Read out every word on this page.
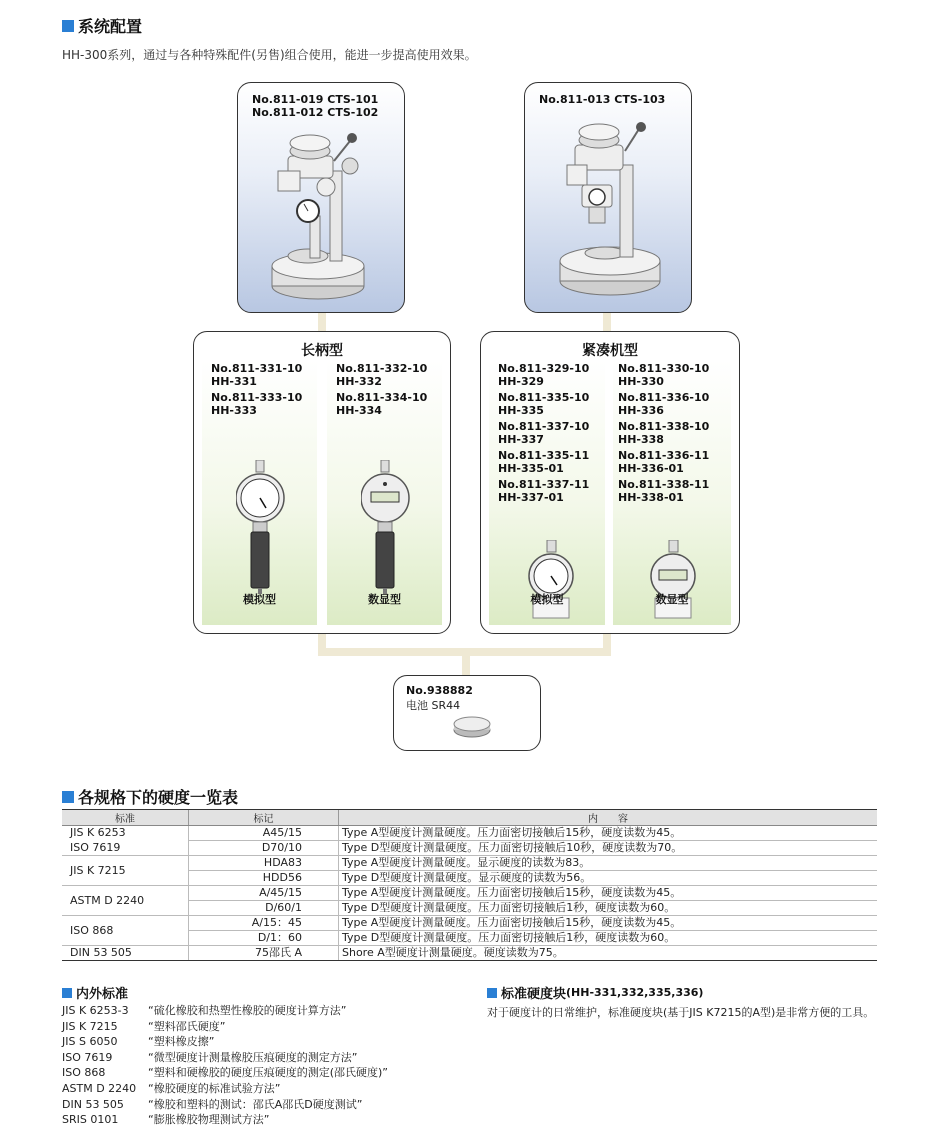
系统配置
HH-300系列，通过与各种特殊配件(另售)组合使用，能进一步提高使用效果。
No.811-019 CTS-101
No.811-012 CTS-102
No.811-013 CTS-103
长柄型
No.811-331-10
HH-331
No.811-333-10
HH-333
模拟型
No.811-332-10
HH-332
No.811-334-10
HH-334
数显型
紧凑机型
No.811-329-10
HH-329
No.811-335-10
HH-335
No.811-337-10
HH-337
No.811-335-11
HH-335-01
No.811-337-11
HH-337-01
模拟型
No.811-330-10
HH-330
No.811-336-10
HH-336
No.811-338-10
HH-338
No.811-336-11
HH-336-01
No.811-338-11
HH-338-01
数显型
No.938882
电池 SR44
各规格下的硬度一览表
标准	标记	内　　容
JIS K 6253	A45/15	Type A型硬度计测量硬度。压力面密切接触后15秒，硬度读数为45。
ISO 7619	D70/10	Type D型硬度计测量硬度。压力面密切接触后10秒，硬度读数为70。
JIS K 7215	HDA83	Type A型硬度计测量硬度。显示硬度的读数为83。
	HDD56	Type D型硬度计测量硬度。显示硬度的读数为56。
ASTM D 2240	A/45/15	Type A型硬度计测量硬度。压力面密切接触后15秒，硬度读数为45。
	D/60/1	Type D型硬度计测量硬度。压力面密切接触后1秒，硬度读数为60。
ISO 868	A/15：45	Type A型硬度计测量硬度。压力面密切接触后15秒，硬度读数为45。
	D/1：60	Type D型硬度计测量硬度。压力面密切接触后1秒，硬度读数为60。
DIN 53 505	75邵氏 A	Shore A型硬度计测量硬度。硬度读数为75。
内外标准
JIS K 6253-3 “硫化橡胶和热塑性橡胶的硬度计算方法”
JIS K 7215	“塑料邵氏硬度”
JIS S 6050	“塑料橡皮擦”
ISO 7619	“微型硬度计测量橡胶压痕硬度的测定方法”
ISO 868	“塑料和硬橡胶的硬度压痕硬度的测定(邵氏硬度)”
ASTM D 2240 “橡胶硬度的标准试验方法”
DIN 53 505 “橡胶和塑料的测试：邵氏A邵氏D硬度测试”
SRIS 0101	“膨胀橡胶物理测试方法”
标准硬度块 (HH-331,332,335,336)
对于硬度计的日常维护，标准硬度块(基于JIS K7215的A型)是非常方便的工具。
